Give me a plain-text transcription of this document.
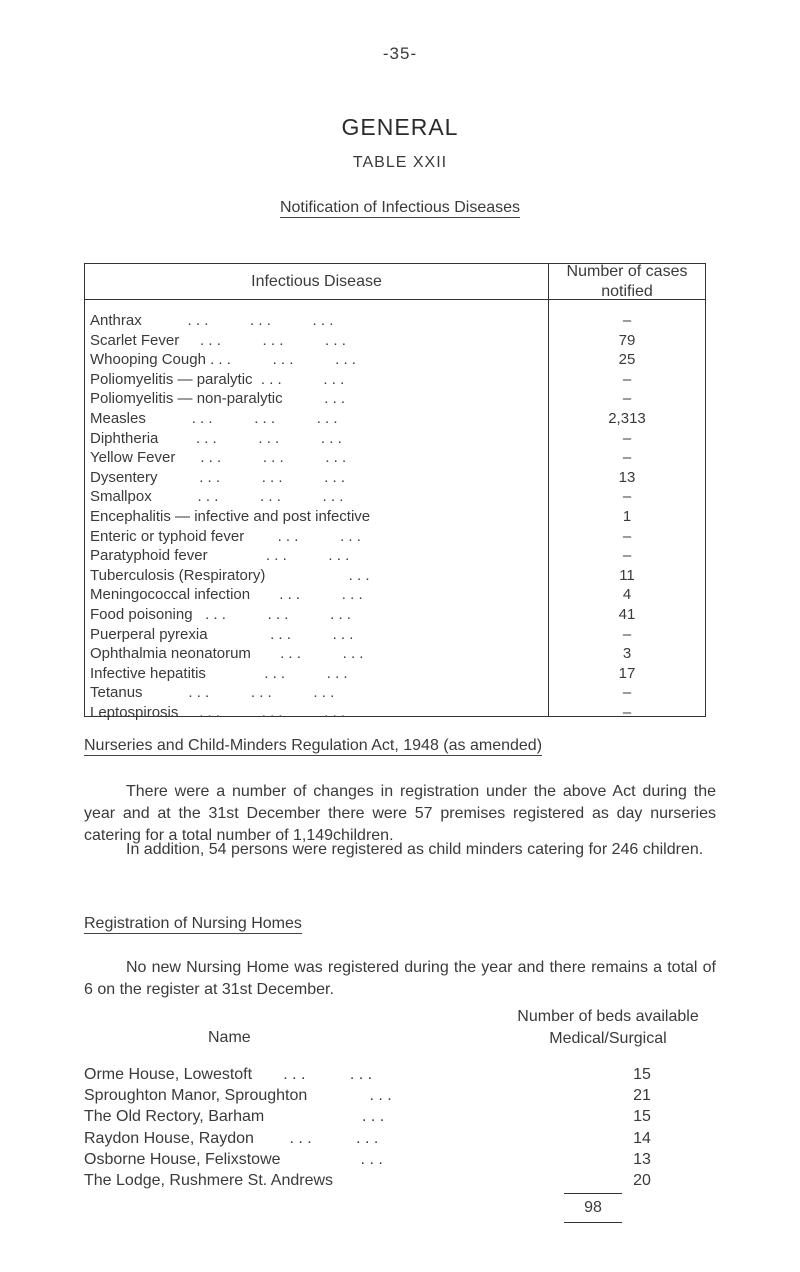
-35-
GENERAL
TABLE XXII
Notification of Infectious Diseases
Infectious Disease
Number of cases
notified
Anthrax           . . .          . . .          . . .	–
Scarlet Fever     . . .          . . .          . . .	79
Whooping Cough . . .          . . .          . . .	25
Poliomyelitis — paralytic  . . .          . . .	–
Poliomyelitis — non-paralytic          . . .	–
Measles           . . .          . . .          . . .	2,313
Diphtheria         . . .          . . .          . . .	–
Yellow Fever      . . .          . . .          . . .	–
Dysentery          . . .          . . .          . . .	13
Smallpox           . . .          . . .          . . .	–
Encephalitis — infective and post infective	1
Enteric or typhoid fever        . . .          . . .	–
Paratyphoid fever              . . .          . . .	–
Tuberculosis (Respiratory)                    . . .	11
Meningococcal infection       . . .          . . .	4
Food poisoning   . . .          . . .          . . .	41
Puerperal pyrexia               . . .          . . .	–
Ophthalmia neonatorum       . . .          . . .	3
Infective hepatitis              . . .          . . .	17
Tetanus           . . .          . . .          . . .	–
Leptospirosis     . . .          . . .          . . .	–
Nurseries and Child-Minders Regulation Act, 1948 (as amended)
There were a number of changes in registration under the above Act during the year and at the 31st December there were 57 premises registered as day nurseries catering for a total number of 1,149children.
In addition, 54 persons were registered as child minders catering for 246 children.
Registration of Nursing Homes
No new Nursing Home was registered during the year and there remains a total of 6 on the register at 31st December.
Name
Number of beds available
Medical/Surgical
Orme House, Lowestoft       . . .          . . .	15
Sproughton Manor, Sproughton              . . .	21
The Old Rectory, Barham                      . . .	15
Raydon House, Raydon        . . .          . . .	14
Osborne House, Felixstowe                  . . .	13
The Lodge, Rushmere St. Andrews	20
98
